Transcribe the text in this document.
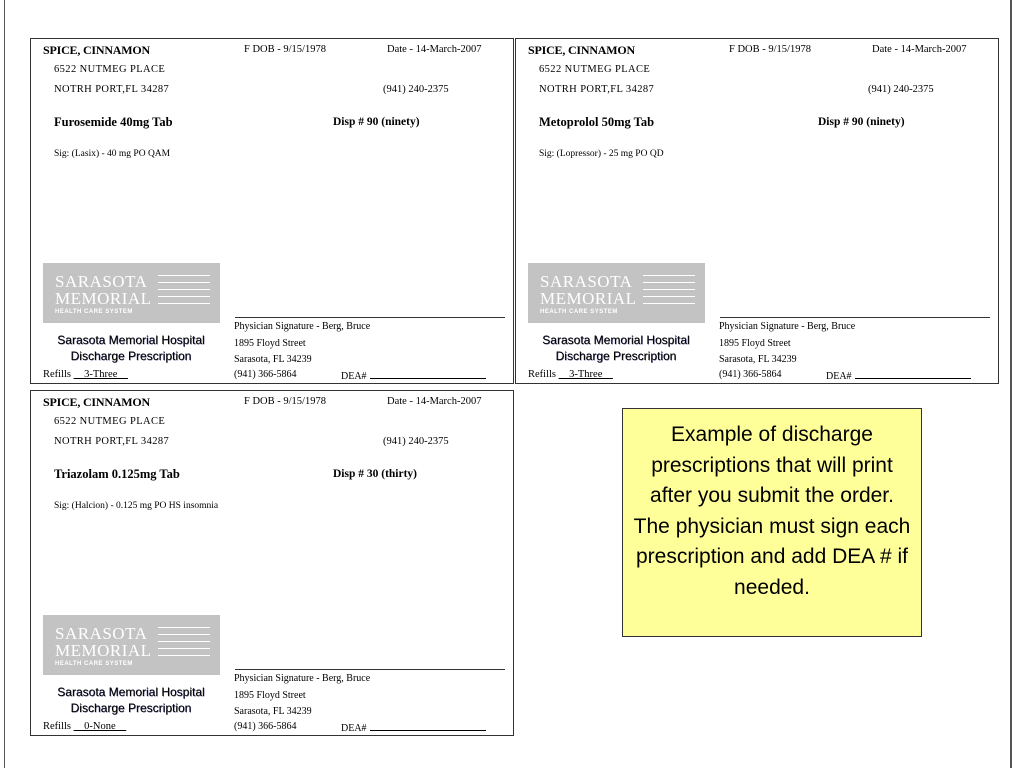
SPICE, CINNAMON	F DOB - 9/15/1978	Date - 14-March-2007
6522 NUTMEG PLACE
NOTRH PORT,FL 34287	(941) 240-2375
Furosemide 40mg Tab	Disp # 90 (ninety)
Sig: (Lasix) - 40 mg PO QAM
SARASOTA
MEMORIAL
HEALTH CARE SYSTEM
Sarasota Memorial Hospital
Discharge Prescription
Refills __3-Three__
Physician Signature - Berg, Bruce
1895 Floyd Street
Sarasota, FL 34239
(941) 366-5864	DEA#
SPICE, CINNAMON	F DOB - 9/15/1978	Date - 14-March-2007
6522 NUTMEG PLACE
NOTRH PORT,FL 34287	(941) 240-2375
Metoprolol 50mg Tab	Disp # 90 (ninety)
Sig: (Lopressor) - 25 mg PO QD
SARASOTA
MEMORIAL
HEALTH CARE SYSTEM
Sarasota Memorial Hospital
Discharge Prescription
Refills __3-Three__
Physician Signature - Berg, Bruce
1895 Floyd Street
Sarasota, FL 34239
(941) 366-5864	DEA#
SPICE, CINNAMON	F DOB - 9/15/1978	Date - 14-March-2007
6522 NUTMEG PLACE
NOTRH PORT,FL 34287	(941) 240-2375
Triazolam 0.125mg Tab	Disp # 30 (thirty)
Sig: (Halcion) - 0.125 mg PO HS insomnia
SARASOTA
MEMORIAL
HEALTH CARE SYSTEM
Sarasota Memorial Hospital
Discharge Prescription
Refills __0-None__
Physician Signature - Berg, Bruce
1895 Floyd Street
Sarasota, FL 34239
(941) 366-5864	DEA#
Example of discharge prescriptions that will print after you submit the order. The physician must sign each prescription and add DEA # if needed.
